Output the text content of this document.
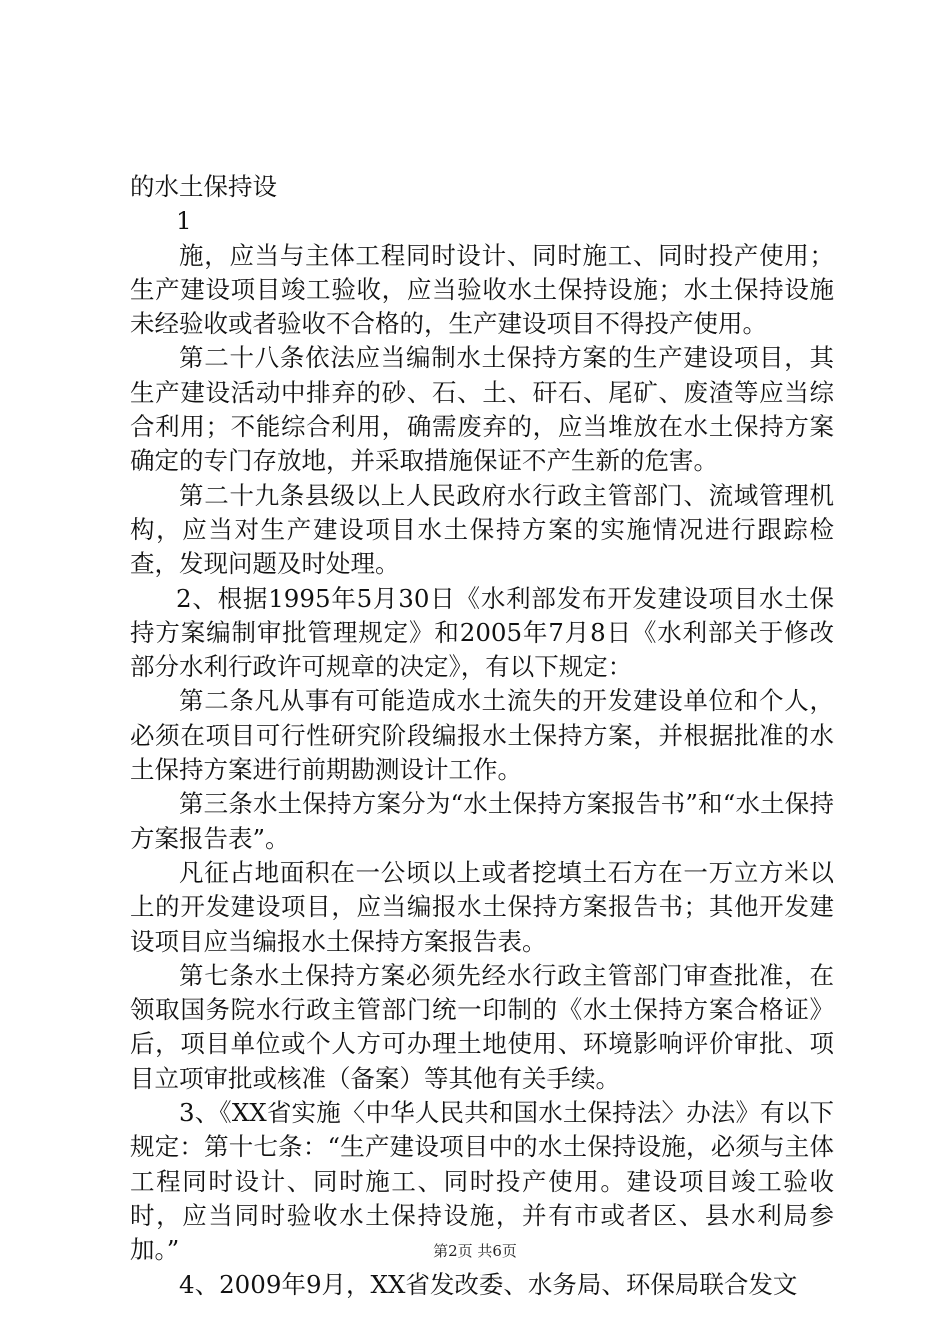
的水土保持设

1

施，应当与主体工程同时设计、同时施工、同时投产使用；生产建设项目竣工验收，应当验收水土保持设施；水土保持设施未经验收或者验收不合格的，生产建设项目不得投产使用。

第二十八条依法应当编制水土保持方案的生产建设项目，其生产建设活动中排弃的砂、石、土、矸石、尾矿、废渣等应当综合利用；不能综合利用，确需废弃的，应当堆放在水土保持方案确定的专门存放地，并采取措施保证不产生新的危害。

第二十九条县级以上人民政府水行政主管部门、流域管理机构，应当对生产建设项目水土保持方案的实施情况进行跟踪检查，发现问题及时处理。

2、根据1995年5月30日《水利部发布开发建设项目水土保持方案编制审批管理规定》和2005年7月8日《水利部关于修改部分水利行政许可规章的决定》，有以下规定：

第二条凡从事有可能造成水土流失的开发建设单位和个人，必须在项目可行性研究阶段编报水土保持方案，并根据批准的水土保持方案进行前期勘测设计工作。

第三条水土保持方案分为“水土保持方案报告书”和“水土保持方案报告表”。

凡征占地面积在一公顷以上或者挖填土石方在一万立方米以上的开发建设项目，应当编报水土保持方案报告书；其他开发建设项目应当编报水土保持方案报告表。

第七条水土保持方案必须先经水行政主管部门审查批准，在领取国务院水行政主管部门统一印制的《水土保持方案合格证》后，项目单位或个人方可办理土地使用、环境影响评价审批、项目立项审批或核准（备案）等其他有关手续。

3、《XX省实施〈中华人民共和国水土保持法〉办法》有以下规定：第十七条：“生产建设项目中的水土保持设施，必须与主体工程同时设计、同时施工、同时投产使用。建设项目竣工验收时，应当同时验收水土保持设施，并有市或者区、县水利局参加。”

4、2009年9月，XX省发改委、水务局、环保局联合发文

第2页 共6页
